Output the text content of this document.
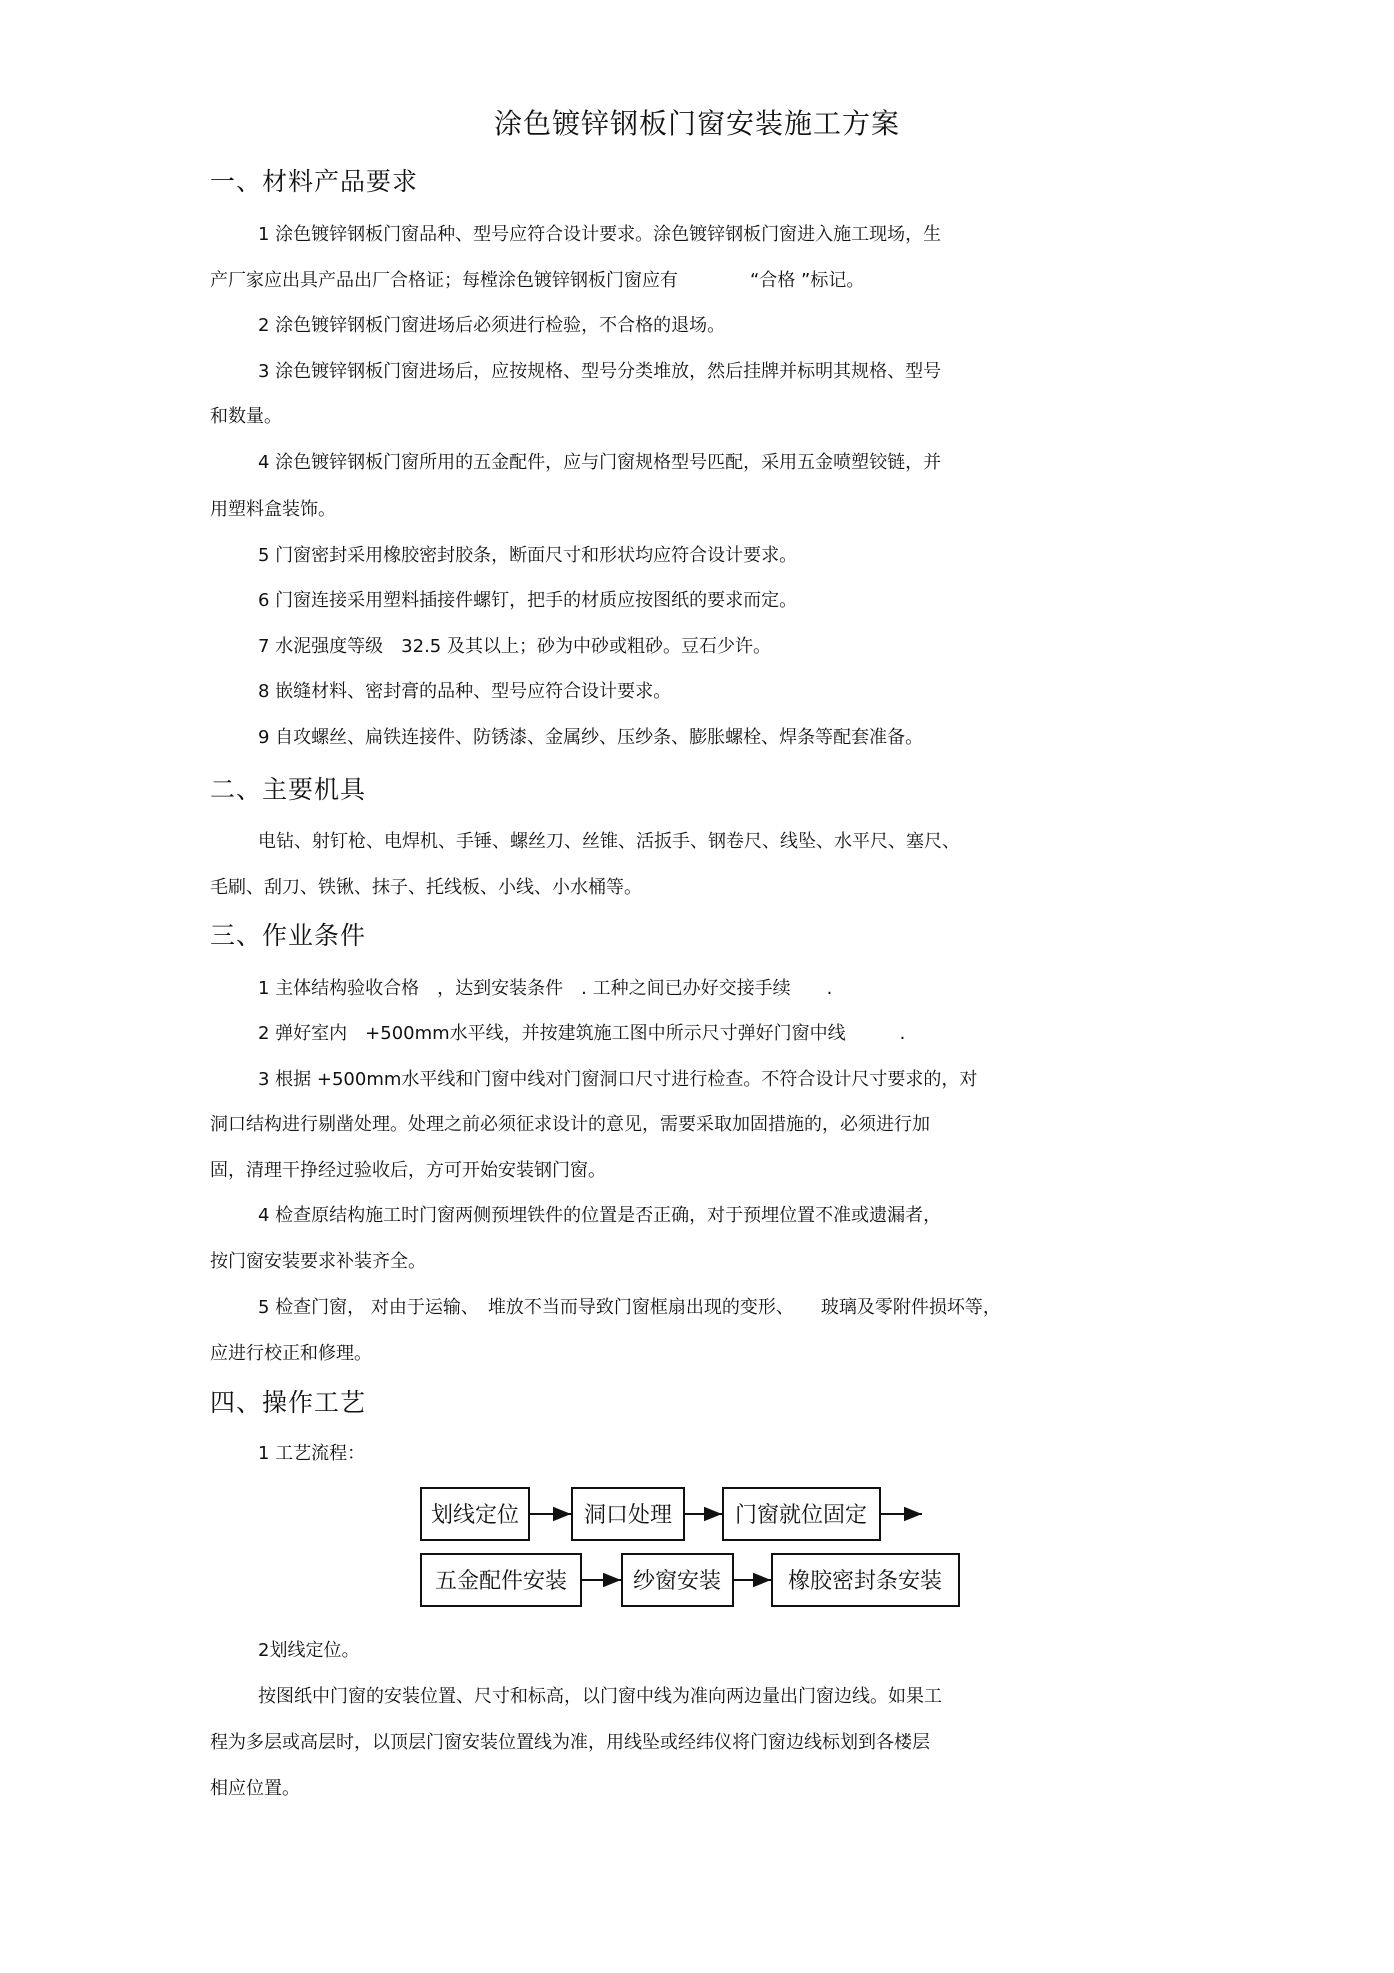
涂色镀锌钢板门窗安装施工方案
一、材料产品要求
1 涂色镀锌钢板门窗品种、型号应符合设计要求。涂色镀锌钢板门窗进入施工现场，生
产厂家应出具产品出厂合格证；每樘涂色镀锌钢板门窗应有　　　　“合格 ”标记。
2 涂色镀锌钢板门窗进场后必须进行检验，不合格的退场。
3 涂色镀锌钢板门窗进场后，应按规格、型号分类堆放，然后挂牌并标明其规格、型号
和数量。
4 涂色镀锌钢板门窗所用的五金配件，应与门窗规格型号匹配，采用五金喷塑铰链，并
用塑料盒装饰。
5 门窗密封采用橡胶密封胶条，断面尺寸和形状均应符合设计要求。
6 门窗连接采用塑料插接件螺钉，把手的材质应按图纸的要求而定。
7 水泥强度等级　32.5 及其以上；砂为中砂或粗砂。豆石少许。
8 嵌缝材料、密封膏的品种、型号应符合设计要求。
9 自攻螺丝、扁铁连接件、防锈漆、金属纱、压纱条、膨胀螺栓、焊条等配套准备。
二、主要机具
电钻、射钉枪、电焊机、手锤、螺丝刀、丝锥、活扳手、钢卷尺、线坠、水平尺、塞尺、
毛刷、刮刀、铁锹、抹子、托线板、小线、小水桶等。
三、作业条件
1 主体结构验收合格　，达到安装条件　. 工种之间已办好交接手续　　.
2 弹好室内　+500mm水平线，并按建筑施工图中所示尺寸弹好门窗中线　　　.
3 根据 +500mm水平线和门窗中线对门窗洞口尺寸进行检查。不符合设计尺寸要求的，对
洞口结构进行剔凿处理。处理之前必须征求设计的意见，需要采取加固措施的，必须进行加
固，清理干挣经过验收后，方可开始安装钢门窗。
4 检查原结构施工时门窗两侧预埋铁件的位置是否正确，对于预埋位置不准或遗漏者，
按门窗安装要求补装齐全。
5 检查门窗， 对由于运输、　堆放不当而导致门窗框扇出现的变形、　　玻璃及零附件损坏等，
应进行校正和修理。
四、操作工艺
1 工艺流程：
划线定位	洞口处理	门窗就位固定
五金配件安装	纱窗安装	橡胶密封条安装
2划线定位。
按图纸中门窗的安装位置、尺寸和标高，以门窗中线为准向两边量出门窗边线。如果工
程为多层或高层时，以顶层门窗安装位置线为准，用线坠或经纬仪将门窗边线标划到各楼层
相应位置。
